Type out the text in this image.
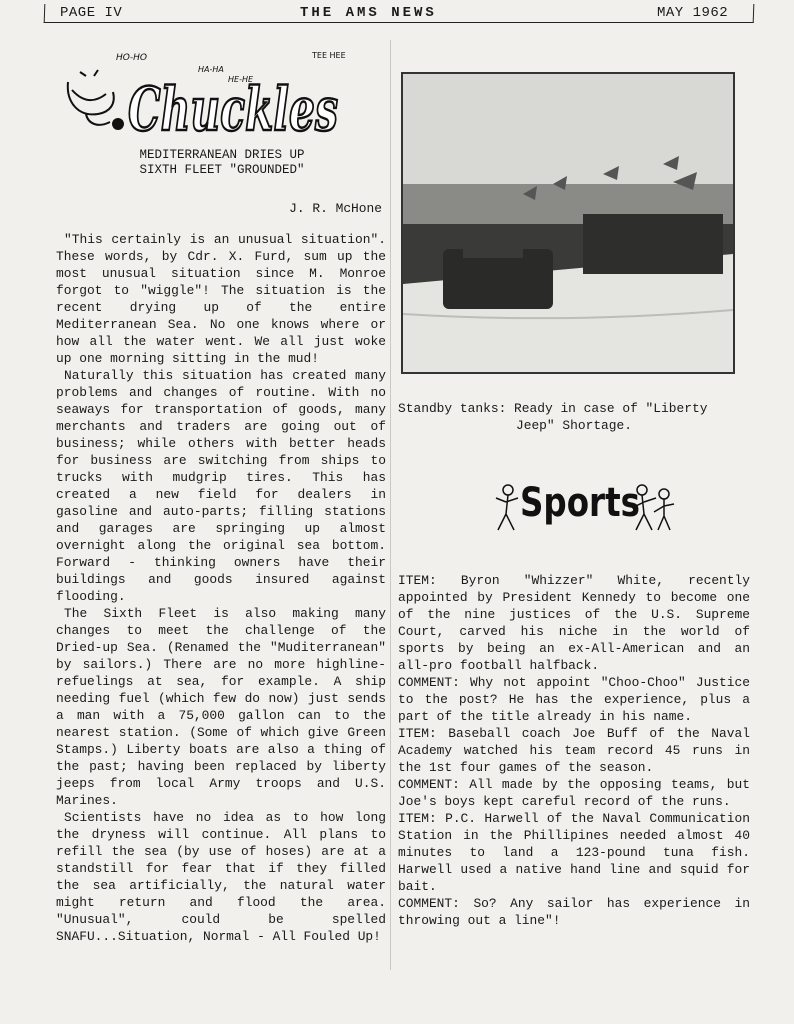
PAGE IV	THE AMS NEWS	MAY 1962
HO-HO
HA-HA
HE-HE
TEE HEE
Chuckles
MEDITERRANEAN DRIES UP
SIXTH FLEET "GROUNDED"
J. R. McHone

"This certainly is an unusual situation". These words, by Cdr. X. Furd, sum up the most unusual situation since M. Monroe forgot to "wiggle"! The situation is the recent drying up of the entire Mediterranean Sea. No one knows where or how all the water went. We all just woke up one morning sitting in the mud!

Naturally this situation has created many problems and changes of routine. With no seaways for transportation of goods, many merchants and traders are going out of business; while others with better heads for business are switching from ships to trucks with mudgrip tires. This has created a new field for dealers in gasoline and auto-parts; filling stations and garages are springing up almost overnight along the original sea bottom. Forward - thinking owners have their buildings and goods insured against flooding.

The Sixth Fleet is also making many changes to meet the challenge of the Dried-up Sea. (Renamed the "Muditerranean" by sailors.) There are no more highline-refuelings at sea, for example. A ship needing fuel (which few do now) just sends a man with a 75,000 gallon can to the nearest station. (Some of which give Green Stamps.) Liberty boats are also a thing of the past; having been replaced by liberty jeeps from local Army troops and U.S. Marines.

Scientists have no idea as to how long the dryness will continue. All plans to refill the sea (by use of hoses) are at a standstill for fear that if they filled the sea artificially, the natural water might return and flood the area. "Unusual", could be spelled SNAFU...Situation, Normal - All Fouled Up!

Standby tanks: Ready in case of "Liberty
Jeep" Shortage.
Sports

ITEM: Byron "Whizzer" White, recently appointed by President Kennedy to become one of the nine justices of the U.S. Supreme Court, carved his niche in the world of sports by being an ex-All-American and an all-pro football halfback.

COMMENT: Why not appoint "Choo-Choo" Justice to the post? He has the experience, plus a part of the title already in his name.

ITEM: Baseball coach Joe Buff of the Naval Academy watched his team record 45 runs in the 1st four games of the season.

COMMENT: All made by the opposing teams, but Joe's boys kept careful record of the runs.

ITEM: P.C. Harwell of the Naval Communication Station in the Phillipines needed almost 40 minutes to land a 123-pound tuna fish. Harwell used a native hand line and squid for bait.

COMMENT: So? Any sailor has experience in throwing out a line"!
